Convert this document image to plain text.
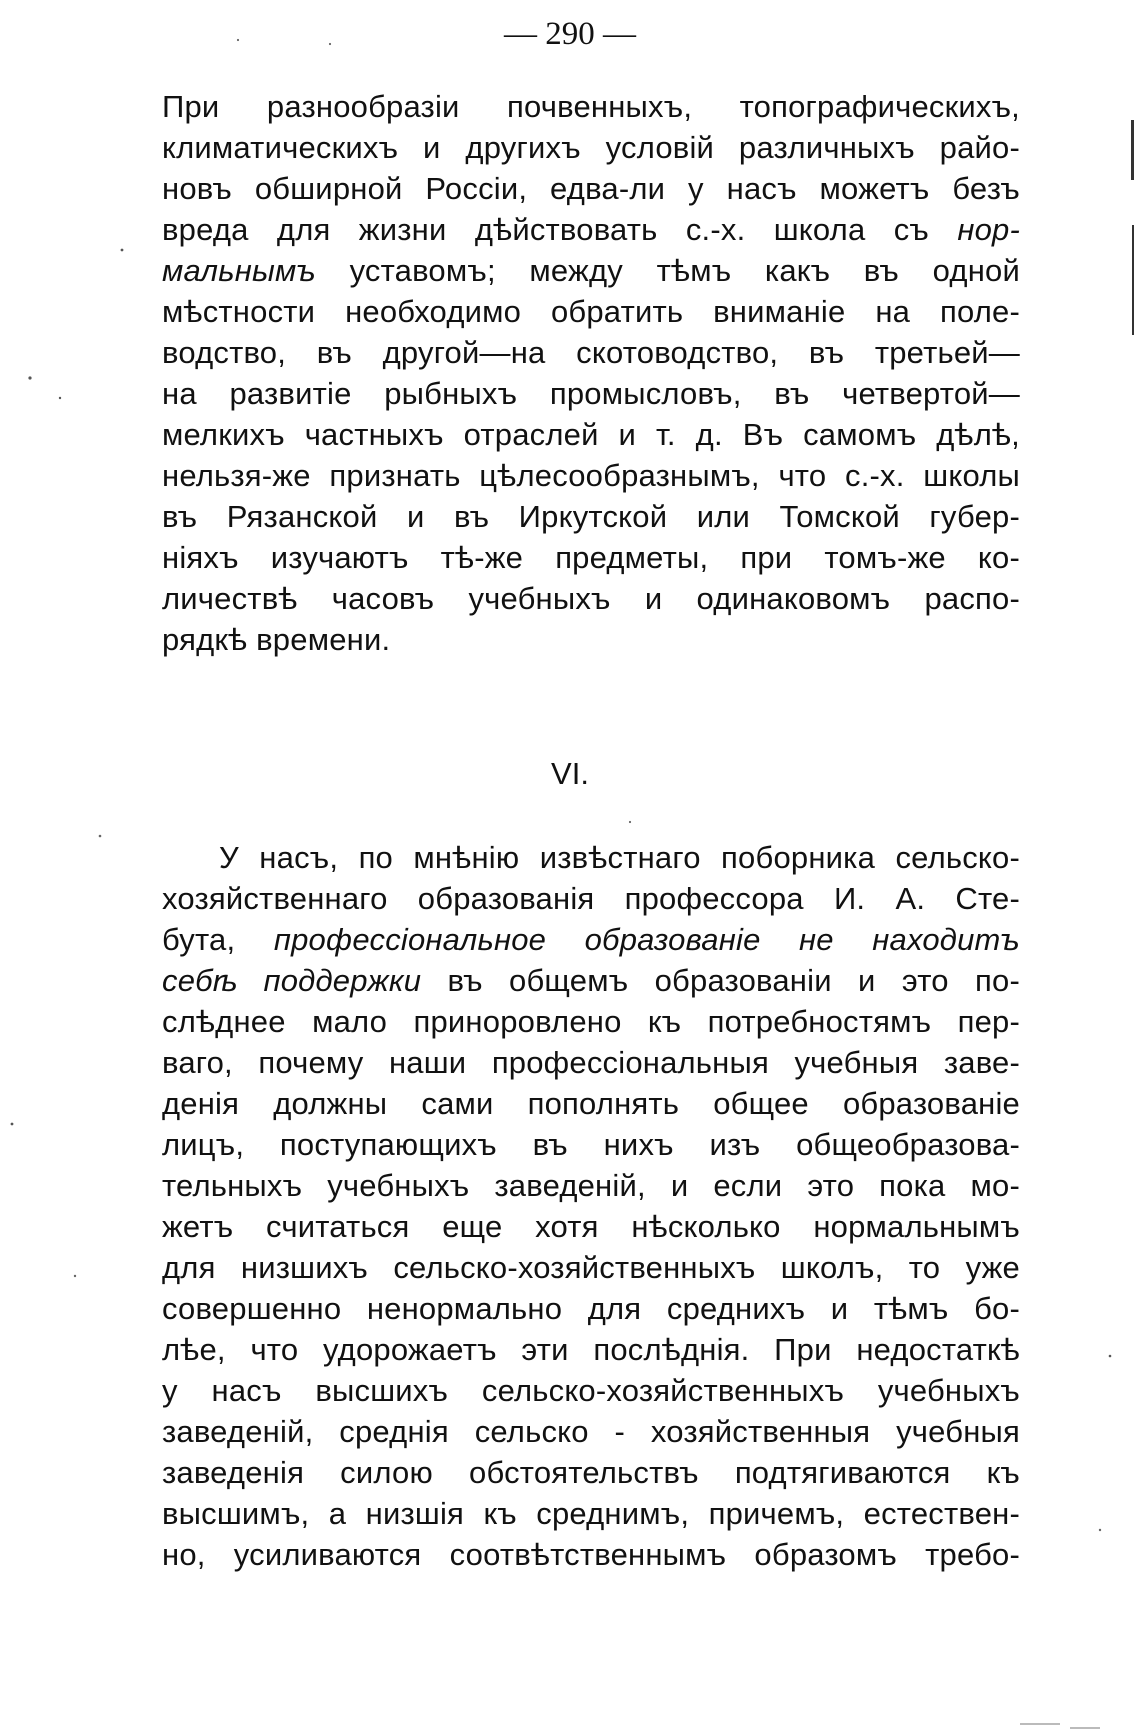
— 290 —
При разнообразіи почвенныхъ, топографическихъ,
климатическихъ и другихъ условій различныхъ райо-
новъ обширной Россіи, едва-ли у насъ можетъ безъ
вреда для жизни дѣйствовать с.-х. школа съ нор-
мальнымъ уставомъ; между тѣмъ какъ въ одной
мѣстности необходимо обратить вниманіе на поле-
водство, въ другой—на скотоводство, въ третьей—
на развитіе рыбныхъ промысловъ, въ четвертой—
мелкихъ частныхъ отраслей и т. д. Въ самомъ дѣлѣ,
нельзя-же признать цѣлесообразнымъ, что с.-х. школы
въ Рязанской и въ Иркутской или Томской губер-
ніяхъ изучаютъ тѣ-же предметы, при томъ-же ко-
личествѣ часовъ учебныхъ и одинаковомъ распо-
рядкѣ времени.
VI.
У насъ, по мнѣнію извѣстнаго поборника сельско-
хозяйственнаго образованія профессора И. А. Сте-
бута, профессіональное образованіе не находитъ
себѣ поддержки въ общемъ образованіи и это по-
слѣднее мало приноровлено къ потребностямъ пер-
ваго, почему наши профессіональныя учебныя заве-
денія должны сами пополнять общее образованіе
лицъ, поступающихъ въ нихъ изъ общеобразова-
тельныхъ учебныхъ заведеній, и если это пока мо-
жетъ считаться еще хотя нѣсколько нормальнымъ
для низшихъ сельско-хозяйственныхъ школъ, то уже
совершенно ненормально для среднихъ и тѣмъ бо-
лѣе, что удорожаетъ эти послѣднія. При недостаткѣ
у насъ высшихъ сельско-хозяйственныхъ учебныхъ
заведеній, среднія сельско - хозяйственныя учебныя
заведенія силою обстоятельствъ подтягиваются къ
высшимъ, а низшія къ среднимъ, причемъ, естествен-
но, усиливаются соотвѣтственнымъ образомъ требо-
